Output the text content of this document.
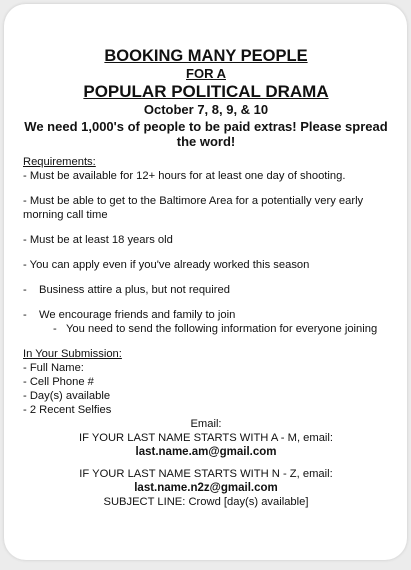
BOOKING MANY PEOPLE

FOR A

POPULAR POLITICAL DRAMA

October 7, 8, 9, & 10

We need 1,000's of people to be paid extras! Please spread the word!

Requirements:

- Must be available for 12+ hours for at least one day of shooting.

- Must be able to get to the Baltimore Area for a potentially very early morning call time

- Must be at least 18 years old

- You can apply even if you've already worked this season

-	Business attire a plus, but not required
-	We encourage friends and family to join
- You need to send the following information for everyone joining

In Your Submission:

- Full Name:

- Cell Phone #

- Day(s) available

- 2 Recent Selfies

Email:
IF YOUR LAST NAME STARTS WITH A - M, email:
last.name.am@gmail.com
IF YOUR LAST NAME STARTS WITH N - Z, email:
last.name.n2z@gmail.com
SUBJECT LINE: Crowd [day(s) available]
